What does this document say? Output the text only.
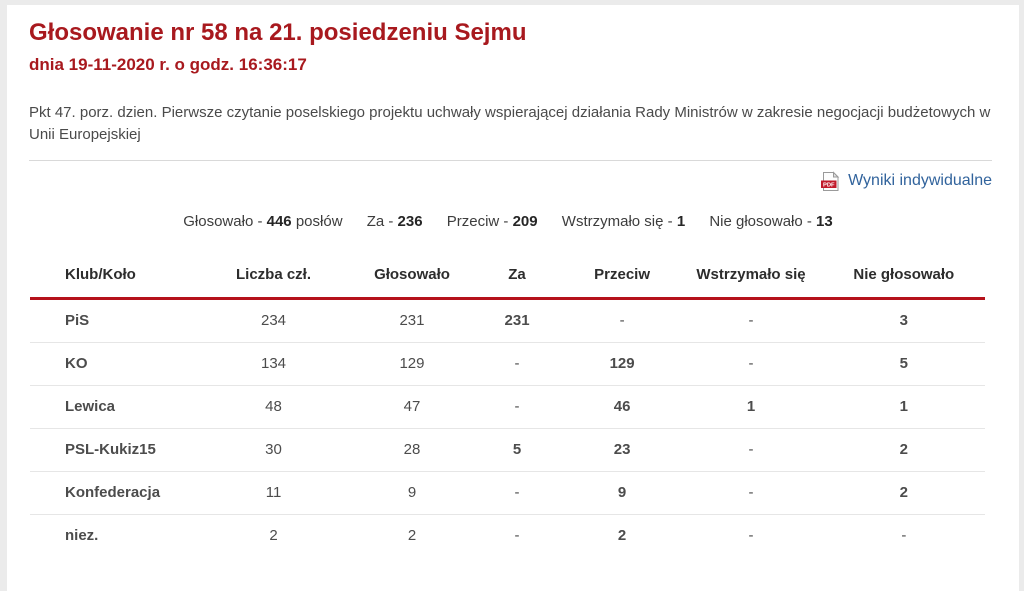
Głosowanie nr 58 na 21. posiedzeniu Sejmu
dnia 19-11-2020 r. o godz. 16:36:17
Pkt 47. porz. dzien. Pierwsze czytanie poselskiego projektu uchwały wspierającej działania Rady Ministrów w zakresie negocjacji budżetowych w Unii Europejskiej
PDF Wyniki indywidualne
Głosowało - 446 posłów Za - 236 Przeciw - 209 Wstrzymało się - 1 Nie głosowało - 13
Klub/Koło	Liczba czł.	Głosowało	Za	Przeciw	Wstrzymało się	Nie głosowało
PiS	234	231	231	-	-	3
KO	134	129	-	129	-	5
Lewica	48	47	-	46	1	1
PSL-Kukiz15	30	28	5	23	-	2
Konfederacja	11	9	-	9	-	2
niez.	2	2	-	2	-	-
